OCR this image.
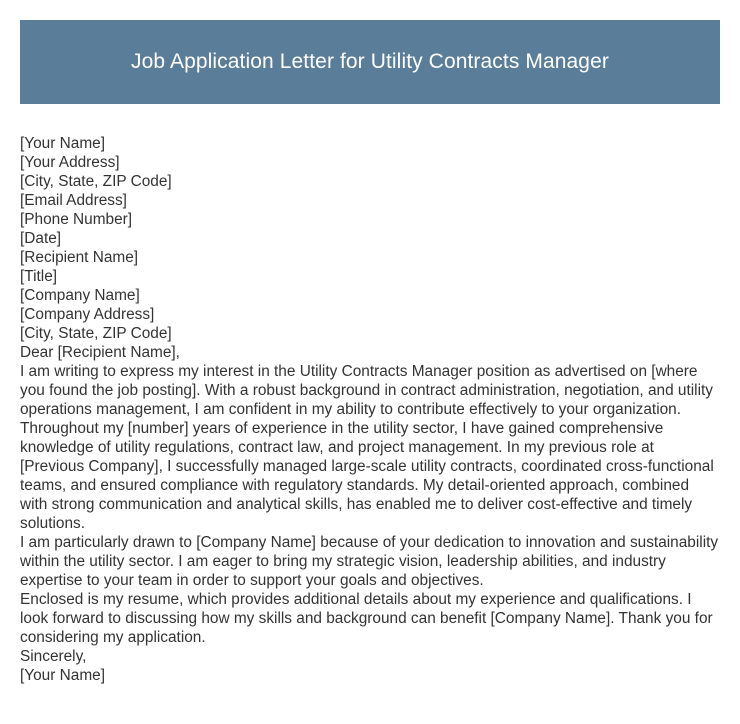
Job Application Letter for Utility Contracts Manager
[Your Name]
[Your Address]
[City, State, ZIP Code]
[Email Address]
[Phone Number]
[Date]
[Recipient Name]
[Title]
[Company Name]
[Company Address]
[City, State, ZIP Code]
Dear [Recipient Name],
I am writing to express my interest in the Utility Contracts Manager position as advertised on [where you found the job posting]. With a robust background in contract administration, negotiation, and utility operations management, I am confident in my ability to contribute effectively to your organization.
Throughout my [number] years of experience in the utility sector, I have gained comprehensive knowledge of utility regulations, contract law, and project management. In my previous role at [Previous Company], I successfully managed large-scale utility contracts, coordinated cross-functional teams, and ensured compliance with regulatory standards. My detail-oriented approach, combined with strong communication and analytical skills, has enabled me to deliver cost-effective and timely solutions.
I am particularly drawn to [Company Name] because of your dedication to innovation and sustainability within the utility sector. I am eager to bring my strategic vision, leadership abilities, and industry expertise to your team in order to support your goals and objectives.
Enclosed is my resume, which provides additional details about my experience and qualifications. I look forward to discussing how my skills and background can benefit [Company Name]. Thank you for considering my application.
Sincerely,
[Your Name]
